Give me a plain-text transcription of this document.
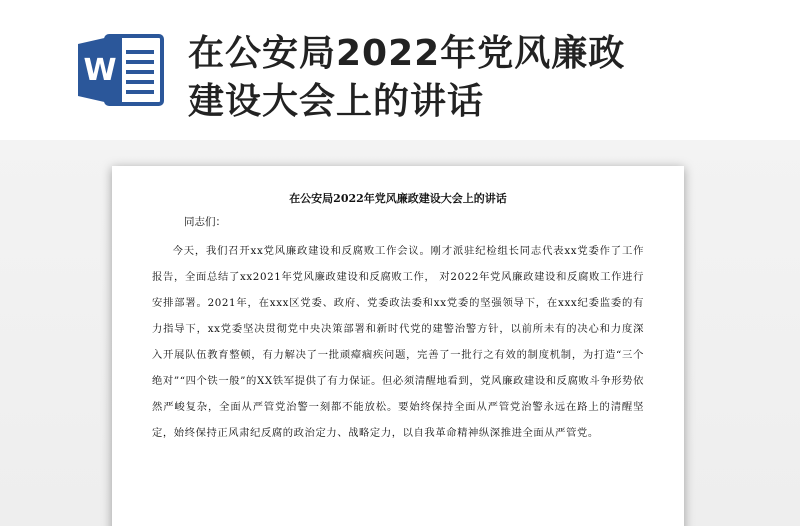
W 在公安局2022年党风廉政建设大会上的讲话
在公安局2022年党风廉政建设大会上的讲话
同志们：
今天，我们召开xx党风廉政建设和反腐败工作会议。刚才派驻纪检组长同志代表xx党委作了工作报告，全面总结了xx2021年党风廉政建设和反腐败工作， 对2022年党风廉政建设和反腐败工作进行安排部署。2021年，在xxx区党委、政府、党委政法委和xx党委的坚强领导下，在xxx纪委监委的有力指导下，xx党委坚决贯彻党中央决策部署和新时代党的建警治警方针，以前所未有的决心和力度深入开展队伍教育整顿，有力解决了一批顽瘴痼疾问题，完善了一批行之有效的制度机制，为打造“三个绝对”“四个铁一般”的XX铁军提供了有力保证。但必须清醒地看到，党风廉政建设和反腐败斗争形势依然严峻复杂，全面从严管党治警一刻都不能放松。要始终保持全面从严管党治警永远在路上的清醒坚定，始终保持正风肃纪反腐的政治定力、战略定力，以自我革命精神纵深推进全面从严管党。
